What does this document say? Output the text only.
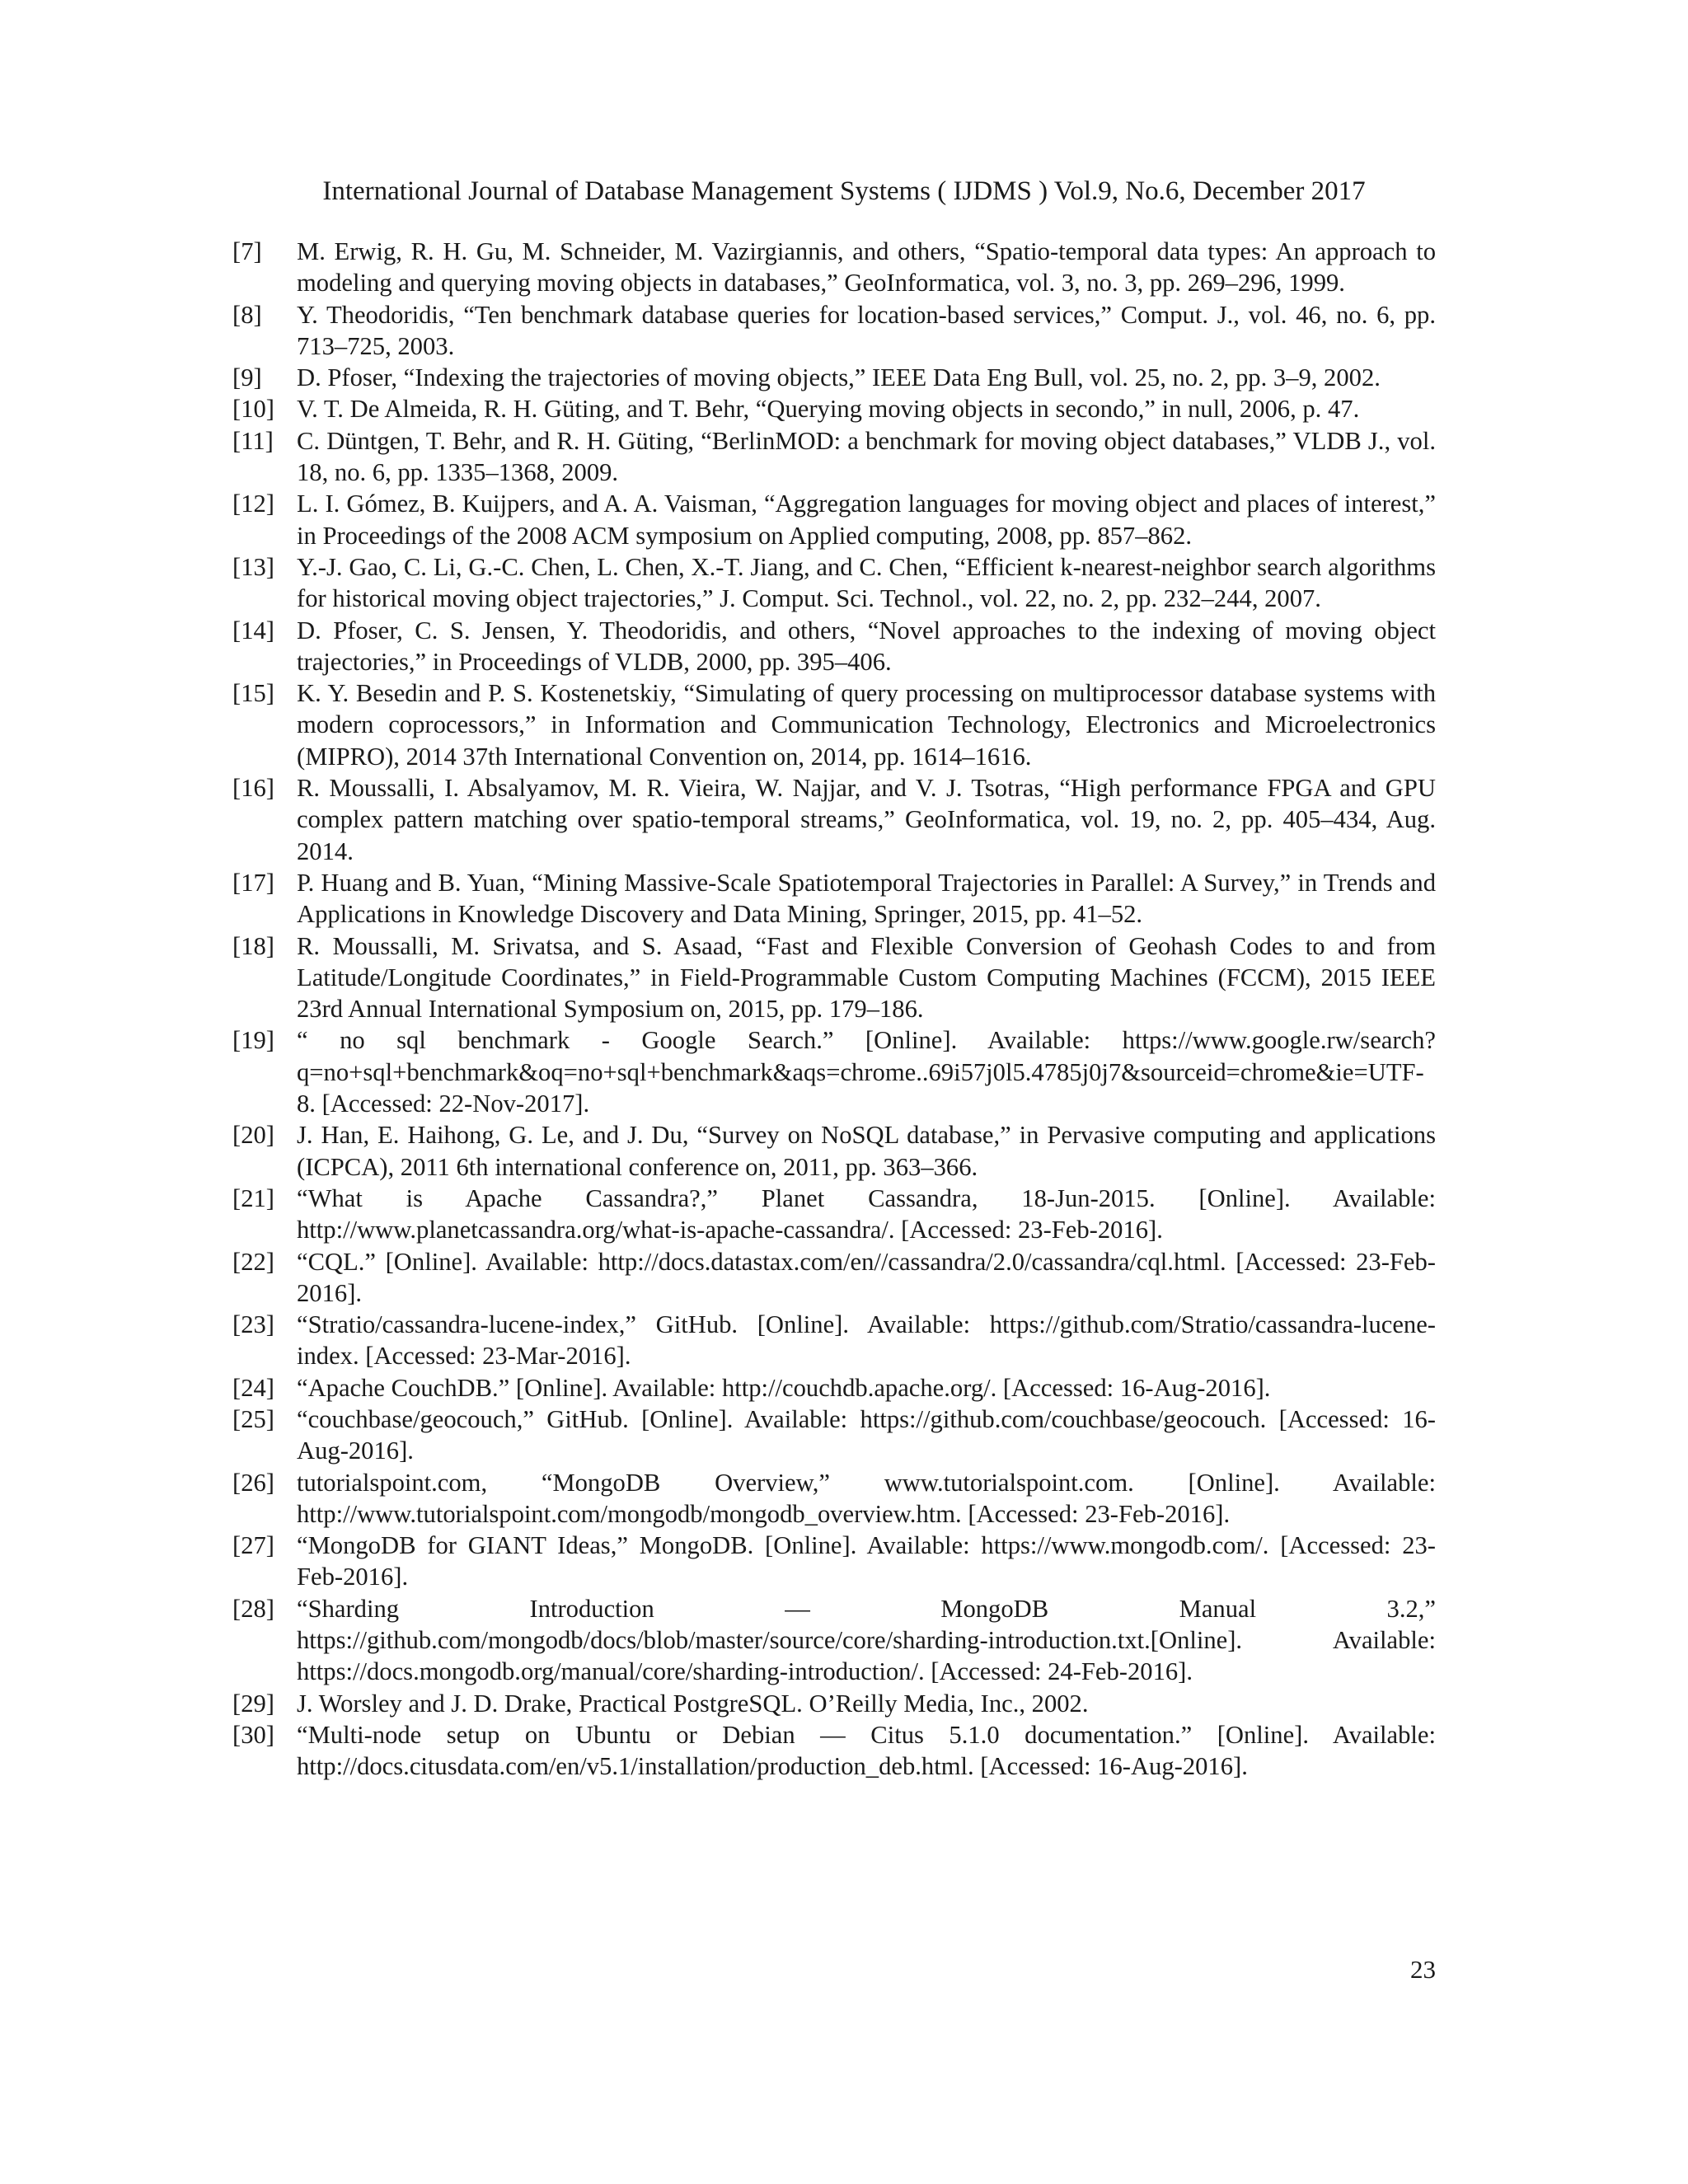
International Journal of Database Management Systems ( IJDMS ) Vol.9, No.6, December 2017
[7]	M. Erwig, R. H. Gu, M. Schneider, M. Vazirgiannis, and others, “Spatio-temporal data types: An approach to modeling and querying moving objects in databases,” GeoInformatica, vol. 3, no. 3, pp. 269–296, 1999.
[8]	Y. Theodoridis, “Ten benchmark database queries for location-based services,” Comput. J., vol. 46, no. 6, pp. 713–725, 2003.
[9]	D. Pfoser, “Indexing the trajectories of moving objects,” IEEE Data Eng Bull, vol. 25, no. 2, pp. 3–9, 2002.
[10] V. T. De Almeida, R. H. Güting, and T. Behr, “Querying moving objects in secondo,” in null, 2006, p. 47.
[11] C. Düntgen, T. Behr, and R. H. Güting, “BerlinMOD: a benchmark for moving object databases,” VLDB J., vol. 18, no. 6, pp. 1335–1368, 2009.
[12] L. I. Gómez, B. Kuijpers, and A. A. Vaisman, “Aggregation languages for moving object and places of interest,” in Proceedings of the 2008 ACM symposium on Applied computing, 2008, pp. 857–862.
[13] Y.-J. Gao, C. Li, G.-C. Chen, L. Chen, X.-T. Jiang, and C. Chen, “Efficient k-nearest-neighbor search algorithms for historical moving object trajectories,” J. Comput. Sci. Technol., vol. 22, no. 2, pp. 232–244, 2007.
[14] D. Pfoser, C. S. Jensen, Y. Theodoridis, and others, “Novel approaches to the indexing of moving object trajectories,” in Proceedings of VLDB, 2000, pp. 395–406.
[15] K. Y. Besedin and P. S. Kostenetskiy, “Simulating of query processing on multiprocessor database systems with modern coprocessors,” in Information and Communication Technology, Electronics and Microelectronics (MIPRO), 2014 37th International Convention on, 2014, pp. 1614–1616.
[16] R. Moussalli, I. Absalyamov, M. R. Vieira, W. Najjar, and V. J. Tsotras, “High performance FPGA and GPU complex pattern matching over spatio-temporal streams,” GeoInformatica, vol. 19, no. 2, pp. 405–434, Aug. 2014.
[17] P. Huang and B. Yuan, “Mining Massive-Scale Spatiotemporal Trajectories in Parallel: A Survey,” in Trends and Applications in Knowledge Discovery and Data Mining, Springer, 2015, pp. 41–52.
[18] R. Moussalli, M. Srivatsa, and S. Asaad, “Fast and Flexible Conversion of Geohash Codes to and from Latitude/Longitude Coordinates,” in Field-Programmable Custom Computing Machines (FCCM), 2015 IEEE 23rd Annual International Symposium on, 2015, pp. 179–186.
[19] “ no sql benchmark - Google Search.” [Online]. Available: https://www.google.rw/search?q=no+sql+benchmark&oq=no+sql+benchmark&aqs=chrome..69i57j0l5.4785j0j7&sourceid=chrome&ie=UTF-8. [Accessed: 22-Nov-2017].
[20] J. Han, E. Haihong, G. Le, and J. Du, “Survey on NoSQL database,” in Pervasive computing and applications (ICPCA), 2011 6th international conference on, 2011, pp. 363–366.
[21] “What is Apache Cassandra?,” Planet Cassandra, 18-Jun-2015. [Online]. Available: http://www.planetcassandra.org/what-is-apache-cassandra/. [Accessed: 23-Feb-2016].
[22] “CQL.” [Online]. Available: http://docs.datastax.com/en//cassandra/2.0/cassandra/cql.html. [Accessed: 23-Feb-2016].
[23] “Stratio/cassandra-lucene-index,” GitHub. [Online]. Available: https://github.com/Stratio/cassandra-lucene-index. [Accessed: 23-Mar-2016].
[24] “Apache CouchDB.” [Online]. Available: http://couchdb.apache.org/. [Accessed: 16-Aug-2016].
[25] “couchbase/geocouch,” GitHub. [Online]. Available: https://github.com/couchbase/geocouch. [Accessed: 16-Aug-2016].
[26] tutorialspoint.com, “MongoDB Overview,” www.tutorialspoint.com. [Online]. Available: http://www.tutorialspoint.com/mongodb/mongodb_overview.htm. [Accessed: 23-Feb-2016].
[27] “MongoDB for GIANT Ideas,” MongoDB. [Online]. Available: https://www.mongodb.com/. [Accessed: 23-Feb-2016].
[28] “Sharding Introduction — MongoDB Manual 3.2,” https://github.com/mongodb/docs/blob/master/source/core/sharding-introduction.txt.[Online]. Available: https://docs.mongodb.org/manual/core/sharding-introduction/. [Accessed: 24-Feb-2016].
[29] J. Worsley and J. D. Drake, Practical PostgreSQL. O’Reilly Media, Inc., 2002.
[30] “Multi-node setup on Ubuntu or Debian — Citus 5.1.0 documentation.” [Online]. Available: http://docs.citusdata.com/en/v5.1/installation/production_deb.html. [Accessed: 16-Aug-2016].
23
